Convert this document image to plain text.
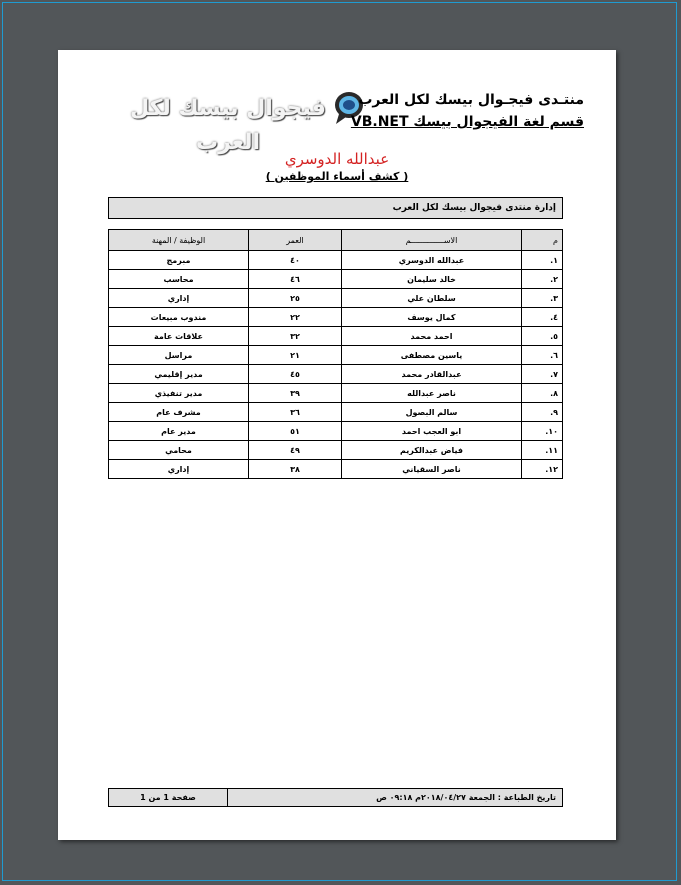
فيجوال بيسك لكل العرب
منتـدى فيجـوال بيسك لكل العرب
قسم لغة الفيجوال بيسك VB.NET
عبدالله الدوسري
( كشف أسماء الموظفين )
إدارة منتدى فيجوال بيسك لكل العرب
م	الاســــــــــــــم	العمر	الوظيفة / المهنة
١.	عبدالله الدوسري	٤٠	مبرمج
٢.	خالد سليمان	٤٦	محاسب
٣.	سلطان علي	٢٥	إداري
٤.	كمال يوسف	٢٢	مندوب مبيعات
٥.	احمد محمد	٣٢	علاقات عامة
٦.	ياسين مصطفى	٢١	مراسل
٧.	عبدالقادر محمد	٤٥	مدير إقليمي
٨.	ناصر عبدالله	٣٩	مدير تنفيذي
٩.	سالم البصول	٣٦	مشرف عام
١٠.	ابو العجب احمد	٥١	مدير عام
١١.	فياض عبدالكريم	٤٩	محامي
١٢.	ناصر السقياني	٣٨	إداري
تاريخ الطباعة : الجمعة ٢٠١٨/٠٤/٢٧م ٠٩:١٨ ص
صفحة 1 من 1
